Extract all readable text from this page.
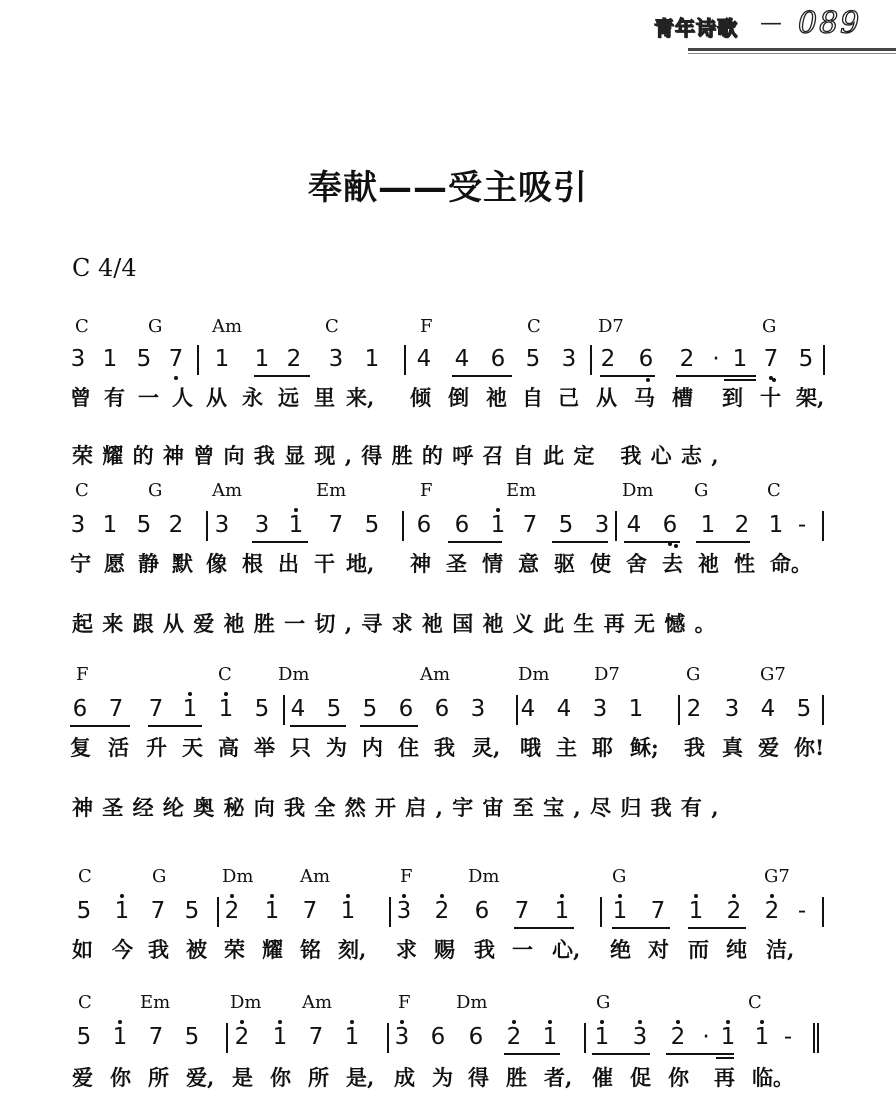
青年诗歌 — 089
奉献——受主吸引
C 4/4
C	G	Am	C	F	C	D7	G
3 1 5 7 1 1 2 3 1 4 4 6 5 3 2 6 2 · 1 7 5
曾 有 一 人 从 永 远 里 来, 倾 倒 祂 自 己 从 马 槽 到 十 架,
荣耀的神曾向我显现,得胜的呼召自此定 我心志,
C	G	Am	Em	F	Em	Dm G	C
3 1 5 2 3 3 1 7 5 6 6 1 7 5 3 4 6 1 2 1 -
宁 愿 静 默 像 根 出 干 地, 神 圣 情 意 驱 使 舍 去 祂 性 命。
起来跟从爱祂胜一切,寻求祂国祂义此生再无憾。
F	C	Dm	Am	Dm D7	G	G7
6 7 7 1 1 5 4 5 5 6 6 3 4 4 3 1 2 3 4 5
复 活 升 天 高 举 只 为 内 住 我 灵, 哦 主 耶 稣; 我 真 爱 你!
神圣经纶奥秘向我全然开启,宇宙至宝,尽归我有,
C	G	Dm	Am	F	Dm	G	G7
5 1 7 5 2 1 7 1 3 2 6 7 1 1 7 1 2 2 -
如 今 我 被 荣 耀 铭 刻, 求 赐 我 一 心, 绝 对 而 纯 洁,
C	Em	Dm Am	F	Dm	G	C
5 1 7 5 2 1 7 1 3 6 6 2 1 1 3 2 · 1 1 -
爱 你 所 爱, 是 你 所 是, 成 为 得 胜 者, 催 促 你 再 临。
